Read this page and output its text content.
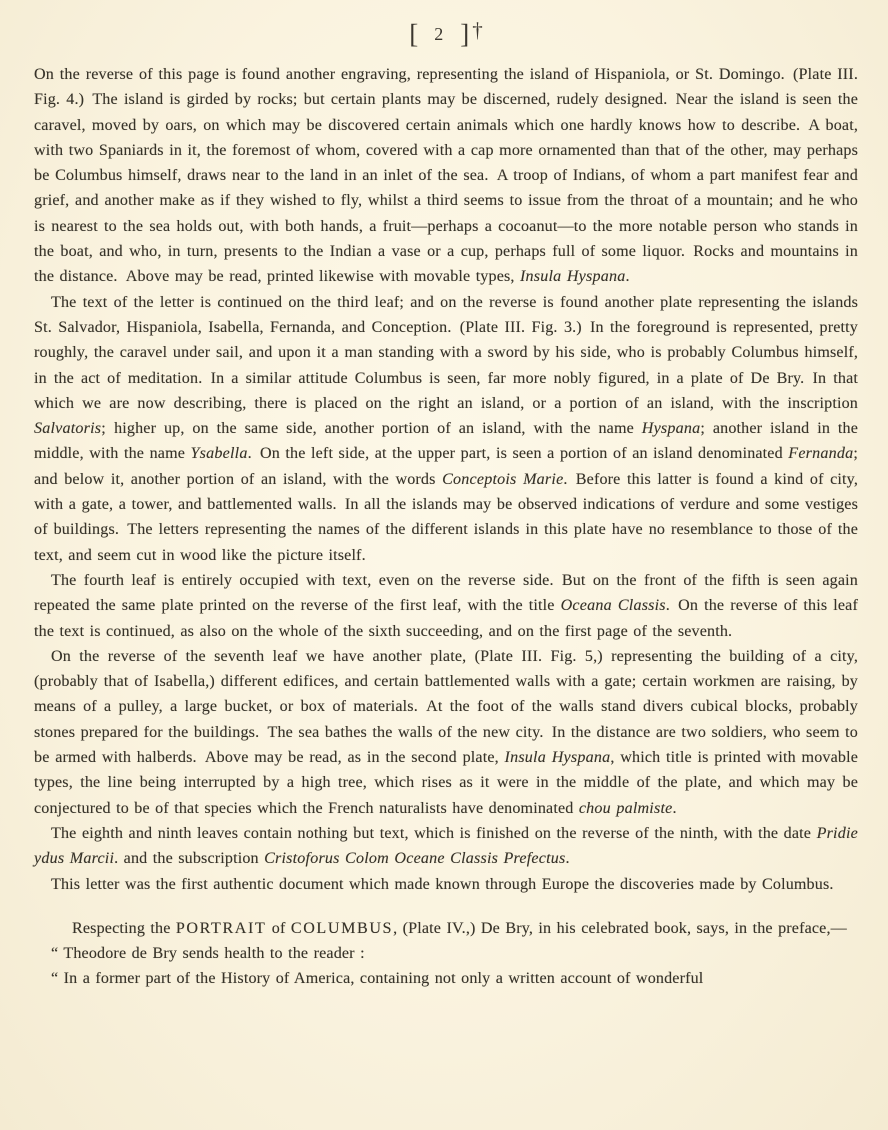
[ 2 ] †

On the reverse of this page is found another engraving, representing the island of Hispaniola, or St. Domingo. (Plate III. Fig. 4.) The island is girded by rocks; but certain plants may be discerned, rudely designed. Near the island is seen the caravel, moved by oars, on which may be discovered certain animals which one hardly knows how to describe. A boat, with two Spaniards in it, the foremost of whom, covered with a cap more ornamented than that of the other, may perhaps be Columbus himself, draws near to the land in an inlet of the sea. A troop of Indians, of whom a part manifest fear and grief, and another make as if they wished to fly, whilst a third seems to issue from the throat of a mountain; and he who is nearest to the sea holds out, with both hands, a fruit—perhaps a cocoanut—to the more notable person who stands in the boat, and who, in turn, presents to the Indian a vase or a cup, perhaps full of some liquor. Rocks and mountains in the distance. Above may be read, printed likewise with movable types, Insula Hyspana.

The text of the letter is continued on the third leaf; and on the reverse is found another plate representing the islands St. Salvador, Hispaniola, Isabella, Fernanda, and Conception. (Plate III. Fig. 3.) In the foreground is represented, pretty roughly, the caravel under sail, and upon it a man standing with a sword by his side, who is probably Columbus himself, in the act of meditation. In a similar attitude Columbus is seen, far more nobly figured, in a plate of De Bry. In that which we are now describing, there is placed on the right an island, or a portion of an island, with the inscription Salvatoris; higher up, on the same side, another portion of an island, with the name Hyspana; another island in the middle, with the name Ysabella. On the left side, at the upper part, is seen a portion of an island denominated Fernanda; and below it, another portion of an island, with the words Conceptois Marie. Before this latter is found a kind of city, with a gate, a tower, and battlemented walls. In all the islands may be observed indications of verdure and some vestiges of buildings. The letters representing the names of the different islands in this plate have no resemblance to those of the text, and seem cut in wood like the picture itself.

The fourth leaf is entirely occupied with text, even on the reverse side. But on the front of the fifth is seen again repeated the same plate printed on the reverse of the first leaf, with the title Oceana Classis. On the reverse of this leaf the text is continued, as also on the whole of the sixth succeeding, and on the first page of the seventh.

On the reverse of the seventh leaf we have another plate, (Plate III. Fig. 5,) representing the building of a city, (probably that of Isabella,) different edifices, and certain battlemented walls with a gate; certain workmen are raising, by means of a pulley, a large bucket, or box of materials. At the foot of the walls stand divers cubical blocks, probably stones prepared for the buildings. The sea bathes the walls of the new city. In the distance are two soldiers, who seem to be armed with halberds. Above may be read, as in the second plate, Insula Hyspana, which title is printed with movable types, the line being interrupted by a high tree, which rises as it were in the middle of the plate, and which may be conjectured to be of that species which the French naturalists have denominated chou palmiste.

The eighth and ninth leaves contain nothing but text, which is finished on the reverse of the ninth, with the date Pridie ydus Marcii. and the subscription Cristoforus Colom Oceane Classis Prefectus.

This letter was the first authentic document which made known through Europe the discoveries made by Columbus.

Respecting the PORTRAIT of COLUMBUS, (Plate IV.,) De Bry, in his celebrated book, says, in the preface,—

“ Theodore de Bry sends health to the reader :

“ In a former part of the History of America, containing not only a written account of wonderful
